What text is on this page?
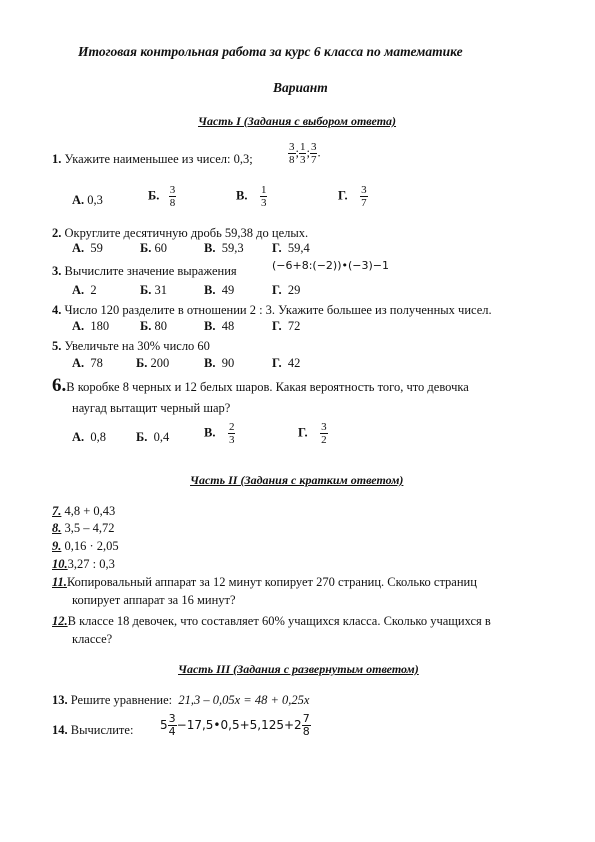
Итоговая контрольная работа за курс 6 класса по математике
Вариант
Часть I (Задания с выбором ответа)
1. Укажите наименьшее из чисел: 0,3;	$\frac{3}{8}$ ; $\frac{1}{3}$ ; $\frac{3}{7}$ .
А. 0,3	Б. $\frac{3}{8}$	В. $\frac{1}{3}$	Г. $\frac{3}{7}$
2. Округлите десятичную дробь 59,38 до целых.
А. 59	Б. 60	В. 59,3 Г. 59,4
3. Вычислите значение выражения	(−6+8:(−2))•(−3)−1
А. 2	Б. 31	В. 49	Г. 29
4. Число 120 разделите в отношении 2 : 3. Укажите большее из полученных чисел.
А. 180 Б. 80	В. 48	Г. 72
5. Увеличьте на 30% число 60
А. 78	Б. 200	В. 90	Г. 42
6.В коробке 8 черных и 12 белых шаров. Какая вероятность того, что девочка
наугад вытащит черный шар?
А. 0,8 Б. 0,4	В. $\frac{2}{3}$	Г. $\frac{3}{2}$
Часть II (Задания с кратким ответом)
7. 4,8 + 0,43
8. 3,5 – 4,72
9. 0,16 · 2,05
10.3,27 : 0,3
11.Копировальный аппарат за 12 минут копирует 270 страниц. Сколько страниц
копирует аппарат за 16 минут?
12.В классе 18 девочек, что составляет 60% учащихся класса. Сколько учащихся в
классе?
Часть III (Задания с развернутым ответом)
13. Решите уравнение: 21,3 – 0,05x = 48 + 0,25x
14. Вычислите: $5 \frac{3}{4}$ −17,5•0,5+5,125+2 $\frac{7}{8}$
